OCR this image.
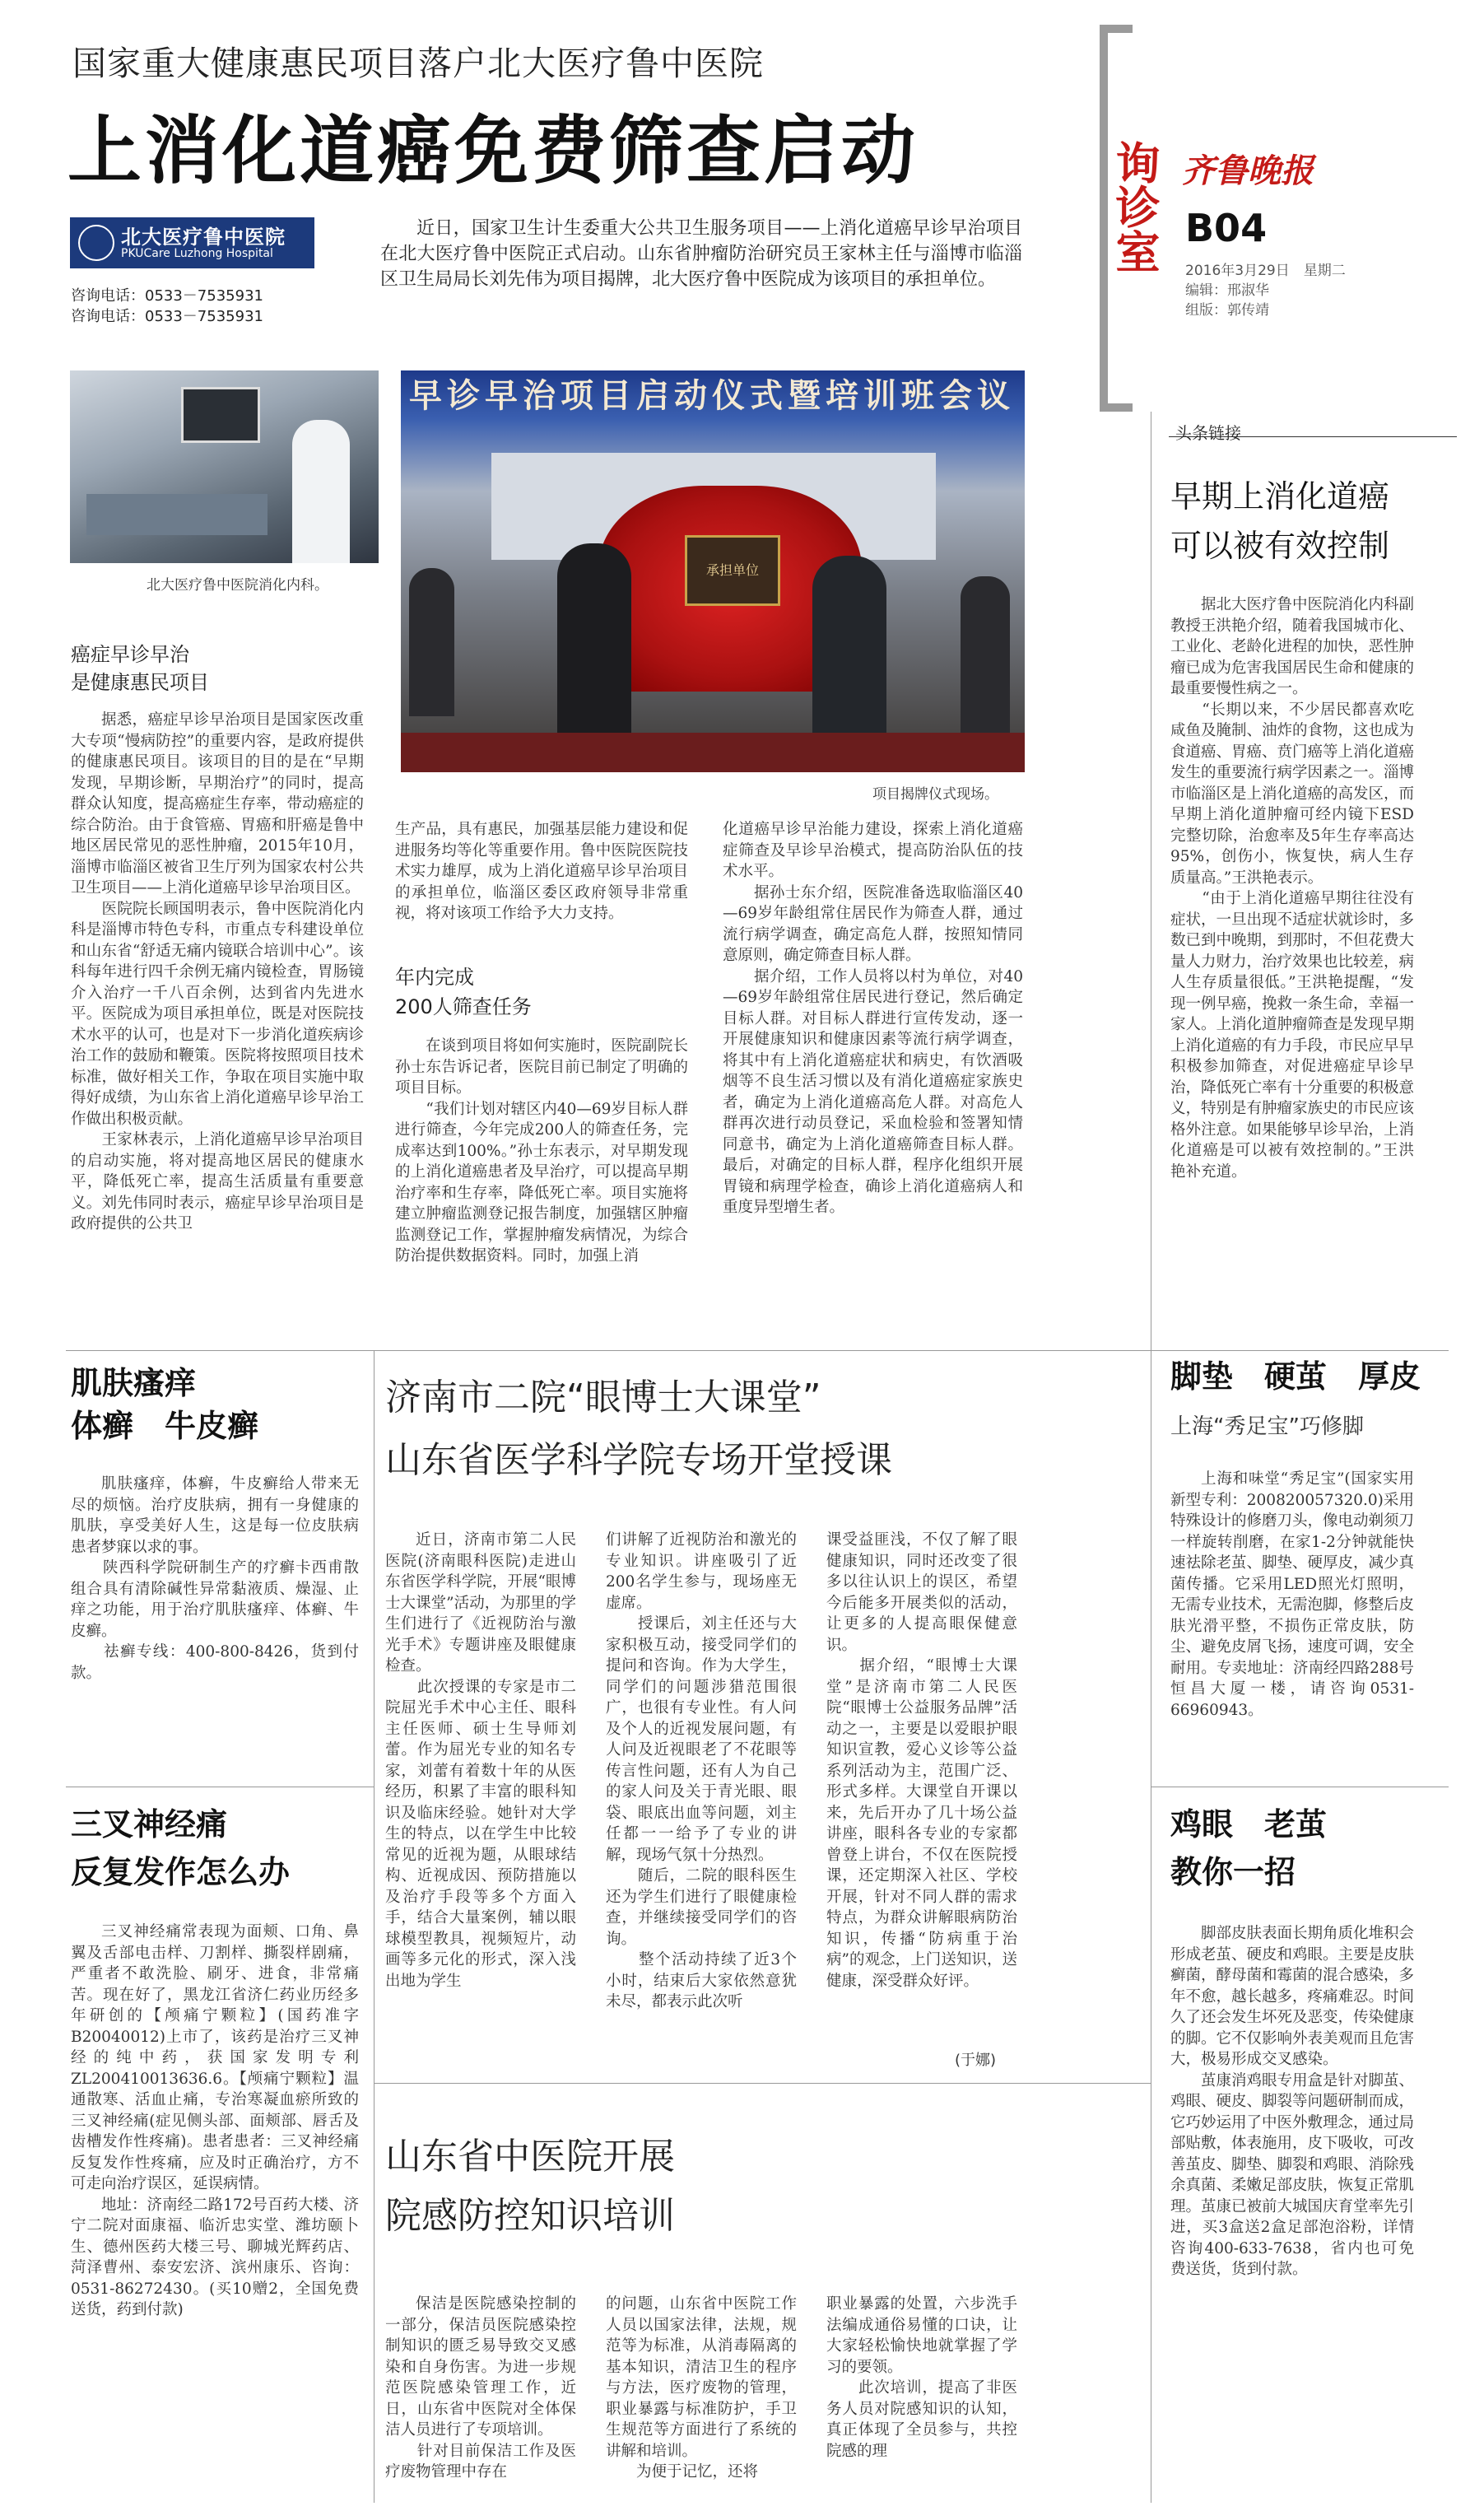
国家重大健康惠民项目落户北大医疗鲁中医院
上消化道癌免费筛查启动
北大医疗鲁中医院
PKUCare Luzhong Hospital
咨询电话：0533－7535931
咨询电话：0533－7535931
近日，国家卫生计生委重大公共卫生服务项目——上消化道癌早诊早治项目在北大医疗鲁中医院正式启动。山东省肿瘤防治研究员王家林主任与淄博市临淄区卫生局局长刘先伟为项目揭牌，北大医疗鲁中医院成为该项目的承担单位。
北大医疗鲁中医院消化内科。
早诊早治项目启动仪式暨培训班会议
承担单位
项目揭牌仪式现场。
癌症早诊早治
是健康惠民项目
据悉，癌症早诊早治项目是国家医改重大专项“慢病防控”的重要内容，是政府提供的健康惠民项目。该项目的目的是在“早期发现，早期诊断，早期治疗”的同时，提高群众认知度，提高癌症生存率，带动癌症的综合防治。由于食管癌、胃癌和肝癌是鲁中地区居民常见的恶性肿瘤，2015年10月，淄博市临淄区被省卫生厅列为国家农村公共卫生项目——上消化道癌早诊早治项目区。
　　医院院长顾国明表示，鲁中医院消化内科是淄博市特色专科，市重点专科建设单位和山东省“舒适无痛内镜联合培训中心”。该科每年进行四千余例无痛内镜检查，胃肠镜介入治疗一千八百余例，达到省内先进水平。医院成为项目承担单位，既是对医院技术水平的认可，也是对下一步消化道疾病诊治工作的鼓励和鞭策。医院将按照项目技术标准，做好相关工作，争取在项目实施中取得好成绩，为山东省上消化道癌早诊早治工作做出积极贡献。
　　王家林表示，上消化道癌早诊早治项目的启动实施，将对提高地区居民的健康水平，降低死亡率，提高生活质量有重要意义。刘先伟同时表示，癌症早诊早治项目是政府提供的公共卫
生产品，具有惠民，加强基层能力建设和促进服务均等化等重要作用。鲁中医院医院技术实力雄厚，成为上消化道癌早诊早治项目的承担单位，临淄区委区政府领导非常重视，将对该项工作给予大力支持。
年内完成
200人筛查任务
在谈到项目将如何实施时，医院副院长孙士东告诉记者，医院目前已制定了明确的项目目标。
　　“我们计划对辖区内40—69岁目标人群进行筛查，今年完成200人的筛查任务，完成率达到100%。”孙士东表示，对早期发现的上消化道癌患者及早治疗，可以提高早期治疗率和生存率，降低死亡率。项目实施将建立肿瘤监测登记报告制度，加强辖区肿瘤监测登记工作，掌握肿瘤发病情况，为综合防治提供数据资料。同时，加强上消
化道癌早诊早治能力建设，探索上消化道癌症筛查及早诊早治模式，提高防治队伍的技术水平。
　　据孙士东介绍，医院准备选取临淄区40—69岁年龄组常住居民作为筛查人群，通过流行病学调查，确定高危人群，按照知情同意原则，确定筛查目标人群。
　　据介绍，工作人员将以村为单位，对40—69岁年龄组常住居民进行登记，然后确定目标人群。对目标人群进行宣传发动，逐一开展健康知识和健康因素等流行病学调查，将其中有上消化道癌症状和病史，有饮酒吸烟等不良生活习惯以及有消化道癌症家族史者，确定为上消化道癌高危人群。对高危人群再次进行动员登记，采血检验和签署知情同意书，确定为上消化道癌筛查目标人群。最后，对确定的目标人群，程序化组织开展胃镜和病理学检查，确诊上消化道癌病人和重度异型增生者。
询诊室 齐鲁晚报
B04
2016年3月29日　星期二
编辑：邢淑华
组版：郭传靖
头条链接
早期上消化道癌
可以被有效控制
据北大医疗鲁中医院消化内科副教授王洪艳介绍，随着我国城市化、工业化、老龄化进程的加快，恶性肿瘤已成为危害我国居民生命和健康的最重要慢性病之一。
　　“长期以来，不少居民都喜欢吃咸鱼及腌制、油炸的食物，这也成为食道癌、胃癌、贲门癌等上消化道癌发生的重要流行病学因素之一。淄博市临淄区是上消化道癌的高发区，而早期上消化道肿瘤可经内镜下ESD完整切除，治愈率及5年生存率高达95%，创伤小，恢复快，病人生存质量高。”王洪艳表示。
　　“由于上消化道癌早期往往没有症状，一旦出现不适症状就诊时，多数已到中晚期，到那时，不但花费大量人力财力，治疗效果也比较差，病人生存质量很低。”王洪艳提醒，“发现一例早癌，挽救一条生命，幸福一家人。上消化道肿瘤筛查是发现早期上消化道癌的有力手段，市民应早早积极参加筛查，对促进癌症早诊早治，降低死亡率有十分重要的积极意义，特别是有肿瘤家族史的市民应该格外注意。如果能够早诊早治，上消化道癌是可以被有效控制的。”王洪艳补充道。
肌肤瘙痒
体癣　牛皮癣
肌肤瘙痒，体癣，牛皮癣给人带来无尽的烦恼。治疗皮肤病，拥有一身健康的肌肤，享受美好人生，这是每一位皮肤病患者梦寐以求的事。
　　陕西科学院研制生产的疗癣卡西甫散组合具有清除碱性异常黏液质、燥湿、止痒之功能，用于治疗肌肤瘙痒、体癣、牛皮癣。
　　祛癣专线：400-800-8426，货到付款。
三叉神经痛
反复发作怎么办
三叉神经痛常表现为面颊、口角、鼻翼及舌部电击样、刀割样、撕裂样剧痛，严重者不敢洗脸、刷牙、进食，非常痛苦。现在好了，黑龙江省济仁药业历经多年研创的【颅痛宁颗粒】(国药准字B20040012)上市了，该药是治疗三叉神经的纯中药，获国家发明专利ZL200410013636.6。【颅痛宁颗粒】温通散寒、活血止痛，专治寒凝血瘀所致的三叉神经痛(症见侧头部、面颊部、唇舌及齿槽发作性疼痛)。患者患者：三叉神经痛反复发作性疼痛，应及时正确治疗，方不可走向治疗误区，延误病情。
　　地址：济南经二路172号百药大楼、济宁二院对面康福、临沂忠实堂、潍坊颐卜生、德州医药大楼三号、聊城光辉药店、菏泽曹州、泰安宏济、滨州康乐、咨询：0531-86272430。(买10赠2，全国免费送货，药到付款)
济南市二院“眼博士大课堂”
山东省医学科学院专场开堂授课
近日，济南市第二人民医院(济南眼科医院)走进山东省医学科学院，开展“眼博士大课堂”活动，为那里的学生们进行了《近视防治与激光手术》专题讲座及眼健康检查。
　　此次授课的专家是市二院屈光手术中心主任、眼科主任医师、硕士生导师刘蕾。作为屈光专业的知名专家，刘蕾有着数十年的从医经历，积累了丰富的眼科知识及临床经验。她针对大学生的特点，以在学生中比较常见的近视为题，从眼球结构、近视成因、预防措施以及治疗手段等多个方面入手，结合大量案例，辅以眼球模型教具，视频短片，动画等多元化的形式，深入浅出地为学生
们讲解了近视防治和激光的专业知识。讲座吸引了近200名学生参与，现场座无虚席。
　　授课后，刘主任还与大家积极互动，接受同学们的提问和咨询。作为大学生，同学们的问题涉猎范围很广，也很有专业性。有人问及个人的近视发展问题，有人问及近视眼老了不花眼等传言性问题，还有人为自己的家人问及关于青光眼、眼袋、眼底出血等问题，刘主任都一一给予了专业的讲解，现场气氛十分热烈。
　　随后，二院的眼科医生还为学生们进行了眼健康检查，并继续接受同学们的咨询。
　　整个活动持续了近3个小时，结束后大家依然意犹未尽，都表示此次听
课受益匪浅，不仅了解了眼健康知识，同时还改变了很多以往认识上的误区，希望今后能多开展类似的活动，让更多的人提高眼保健意识。
　　据介绍，“眼博士大课堂”是济南市第二人民医院“眼博士公益服务品牌”活动之一，主要是以爱眼护眼知识宣教，爱心义诊等公益系列活动为主，范围广泛、形式多样。大课堂自开课以来，先后开办了几十场公益讲座，眼科各专业的专家都曾登上讲台，不仅在医院授课，还定期深入社区、学校开展，针对不同人群的需求特点，为群众讲解眼病防治知识，传播“防病重于治病”的观念，上门送知识，送健康，深受群众好评。
(于娜)
山东省中医院开展
院感防控知识培训
保洁是医院感染控制的一部分，保洁员医院感染控制知识的匮乏易导致交叉感染和自身伤害。为进一步规范医院感染管理工作，近日，山东省中医院对全体保洁人员进行了专项培训。
　　针对目前保洁工作及医疗废物管理中存在
的问题，山东省中医院工作人员以国家法律，法规，规范等为标准，从消毒隔离的基本知识，清洁卫生的程序与方法，医疗废物的管理，职业暴露与标准防护，手卫生规范等方面进行了系统的讲解和培训。
　　为便于记忆，还将
职业暴露的处置，六步洗手法编成通俗易懂的口诀，让大家轻松愉快地就掌握了学习的要领。
　　此次培训，提高了非医务人员对院感知识的认知，真正体现了全员参与，共控院感的理
脚垫　硬茧　厚皮
上海“秀足宝”巧修脚
上海和味堂“秀足宝”(国家实用新型专利：200820057320.0)采用特殊设计的修磨刀头，像电动剃须刀一样旋转削磨，在家1-2分钟就能快速祛除老茧、脚垫、硬厚皮，减少真菌传播。它采用LED照光灯照明，无需专业技术，无需泡脚，修整后皮肤光滑平整，不损伤正常皮肤，防尘、避免皮屑飞扬，速度可调，安全耐用。专卖地址：济南经四路288号恒昌大厦一楼，请咨询0531-66960943。
鸡眼　老茧
教你一招
脚部皮肤表面长期角质化堆积会形成老茧、硬皮和鸡眼。主要是皮肤癣菌，酵母菌和霉菌的混合感染，多年不愈，越长越多，疼痛难忍。时间久了还会发生坏死及恶变，传染健康的脚。它不仅影响外表美观而且危害大，极易形成交叉感染。
　　茧康消鸡眼专用盒是针对脚茧、鸡眼、硬皮、脚裂等问题研制而成，它巧妙运用了中医外敷理念，通过局部贴敷，体表施用，皮下吸收，可改善茧皮、脚垫、脚裂和鸡眼、消除残余真菌、柔嫩足部皮肤，恢复正常肌理。茧康已被前大城国庆育堂率先引进，买3盒送2盒足部泡浴粉，详情咨询400-633-7638，省内也可免费送货，货到付款。
